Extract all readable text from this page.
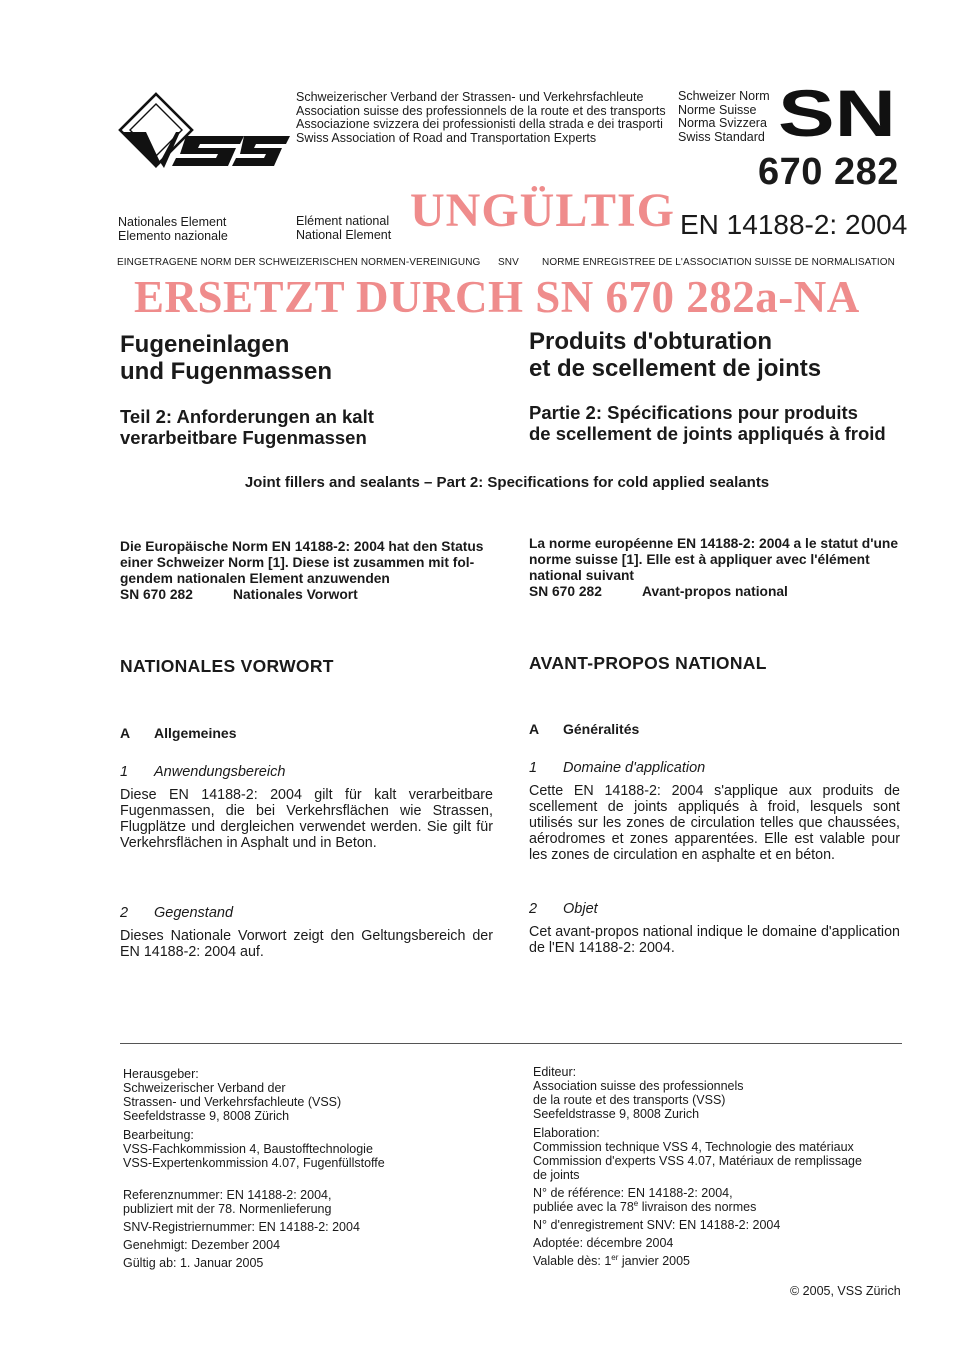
Schweizerischer Verband der Strassen- und Verkehrsfachleute
Association suisse des professionnels de la route et des transports
Associazione svizzera dei professionisti della strada e dei trasporti
Swiss Association of Road and Transportation Experts
Schweizer Norm
Norme Suisse
Norma Svizzera
Swiss Standard SN
670 282
Nationales Element
Elemento nazionale
Elément national
National Element UNGÜLTIG EN 14188-2: 2004
EINGETRAGENE NORM DER SCHWEIZERISCHEN NORMEN-VEREINIGUNG SNV NORME ENREGISTREE DE L'ASSOCIATION SUISSE DE NORMALISATION
ERSETZT DURCH SN 670 282a-NA
Fugeneinlagen
und Fugenmassen
Produits d'obturation
et de scellement de joints
Teil 2: Anforderungen an kalt
verarbeitbare Fugenmassen
Partie 2: Spécifications pour produits
de scellement de joints appliqués à froid
Joint fillers and sealants – Part 2: Specifications for cold applied sealants
Die Europäische Norm EN 14188-2: 2004 hat den Status
einer Schweizer Norm [1]. Diese ist zusammen mit fol-
gendem nationalen Element anzuwenden
SN 670 282	Nationales Vorwort
La norme européenne EN 14188-2: 2004 a le statut d'une
norme suisse [1]. Elle est à appliquer avec l'élément
national suivant
SN 670 282	Avant-propos national
NATIONALES VORWORT	AVANT-PROPOS NATIONAL
A Allgemeines	A Généralités
1 Anwendungsbereich	1 Domaine d'application
Diese EN 14188-2: 2004 gilt für kalt verarbeitbare Fugenmassen, die bei Verkehrsflächen wie Strassen, Flugplätze und dergleichen verwendet werden. Sie gilt für Verkehrsflächen in Asphalt und in Beton.
Cette EN 14188-2: 2004 s'applique aux produits de scellement de joints appliqués à froid, lesquels sont utilisés sur les zones de circulation telles que chaussées, aérodromes et zones apparentées. Elle est valable pour les zones de circulation en asphalte et en béton.
2 Gegenstand	2 Objet
Dieses Nationale Vorwort zeigt den Geltungsbereich der EN 14188-2: 2004 auf.
Cet avant-propos national indique le domaine d'application de l'EN 14188-2: 2004.

Herausgeber:

Schweizerischer Verband der

Strassen- und Verkehrsfachleute (VSS)

Seefeldstrasse 9, 8008 Zürich

Bearbeitung:

VSS-Fachkommission 4, Baustofftechnologie

VSS-Expertenkommission 4.07, Fugenfüllstoffe

Referenznummer: EN 14188-2: 2004,

publiziert mit der 78. Normenlieferung

SNV-Registriernummer: EN 14188-2: 2004

Genehmigt: Dezember 2004

Gültig ab: 1. Januar 2005

Editeur:

Association suisse des professionnels

de la route et des transports (VSS)

Seefeldstrasse 9, 8008 Zurich

Elaboration:

Commission technique VSS 4, Technologie des matériaux

Commission d'experts VSS 4.07, Matériaux de remplissage

de joints

N° de référence: EN 14188-2: 2004,

publiée avec la 78e livraison des normes

N° d'enregistrement SNV: EN 14188-2: 2004

Adoptée: décembre 2004

Valable dès: 1er janvier 2005

© 2005, VSS Zürich
